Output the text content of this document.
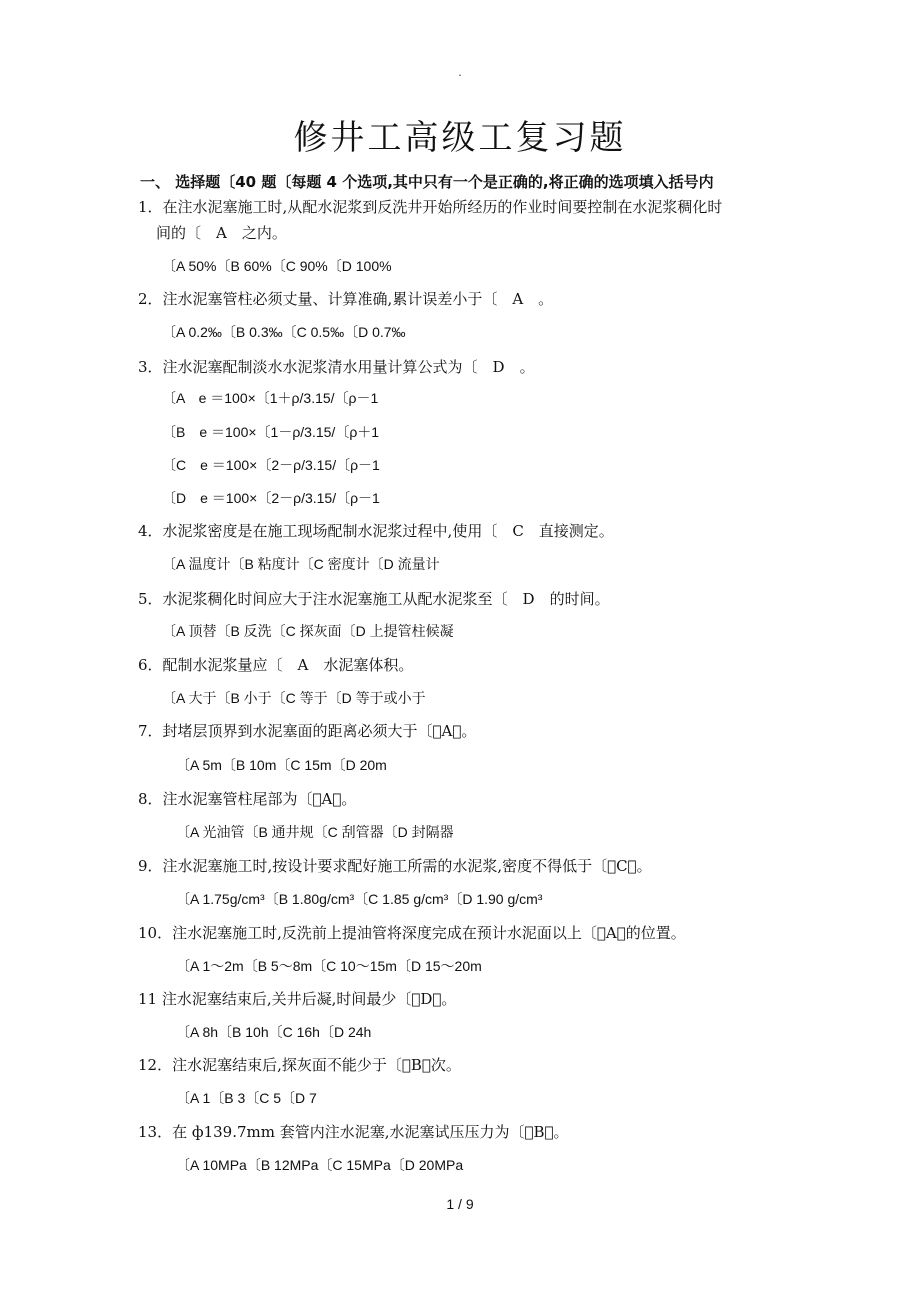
.
修井工高级工复习题
一、 选择题〔40 题〔每题 4 个选项,其中只有一个是正确的,将正确的选项填入括号内
1．在注水泥塞施工时,从配水泥浆到反洗井开始所经历的作业时间要控制在水泥浆稠化时
间的〔　A　之内。
〔A 50%〔B 60%〔C 90%〔D 100%
2．注水泥塞管柱必须丈量、计算准确,累计误差小于〔　A　。
〔A 0.2‰〔B 0.3‰〔C 0.5‰〔D 0.7‰
3．注水泥塞配制淡水水泥浆清水用量计算公式为〔　D　。
〔A　e ＝100×〔1＋ρ/3.15/〔ρ－1
〔B　e ＝100×〔1－ρ/3.15/〔ρ＋1
〔C　e ＝100×〔2－ρ/3.15/〔ρ－1
〔D　e ＝100×〔2－ρ/3.15/〔ρ－1
4．水泥浆密度是在施工现场配制水泥浆过程中,使用〔　C　直接测定。
〔A 温度计〔B 粘度计〔C 密度计〔D 流量计
5．水泥浆稠化时间应大于注水泥塞施工从配水泥浆至〔　D　的时间。
〔A 顶替〔B 反洗〔C 探灰面〔D 上提管柱候凝
6．配制水泥浆量应〔　A　水泥塞体积。
〔A 大于〔B 小于〔C 等于〔D 等于或小于
7．封堵层顶界到水泥塞面的距离必须大于〔 A 。
〔A 5m〔B 10m〔C 15m〔D 20m
8．注水泥塞管柱尾部为〔 A 。
〔A 光油管〔B 通井规〔C 刮管器〔D 封隔器
9．注水泥塞施工时,按设计要求配好施工所需的水泥浆,密度不得低于〔 C 。
〔A 1.75g/cm³〔B 1.80g/cm³〔C 1.85 g/cm³〔D 1.90 g/cm³
10．注水泥塞施工时,反洗前上提油管将深度完成在预计水泥面以上〔 A 的位置。
〔A 1～2m〔B 5～8m〔C 10～15m〔D 15～20m
11 注水泥塞结束后,关井后凝,时间最少〔 D 。
〔A 8h〔B 10h〔C 16h〔D 24h
12．注水泥塞结束后,探灰面不能少于〔 B 次。
〔A 1〔B 3〔C 5〔D 7
13．在 ф139.7mm 套管内注水泥塞,水泥塞试压压力为〔 B 。
〔A 10MPa〔B 12MPa〔C 15MPa〔D 20MPa
1 / 9
